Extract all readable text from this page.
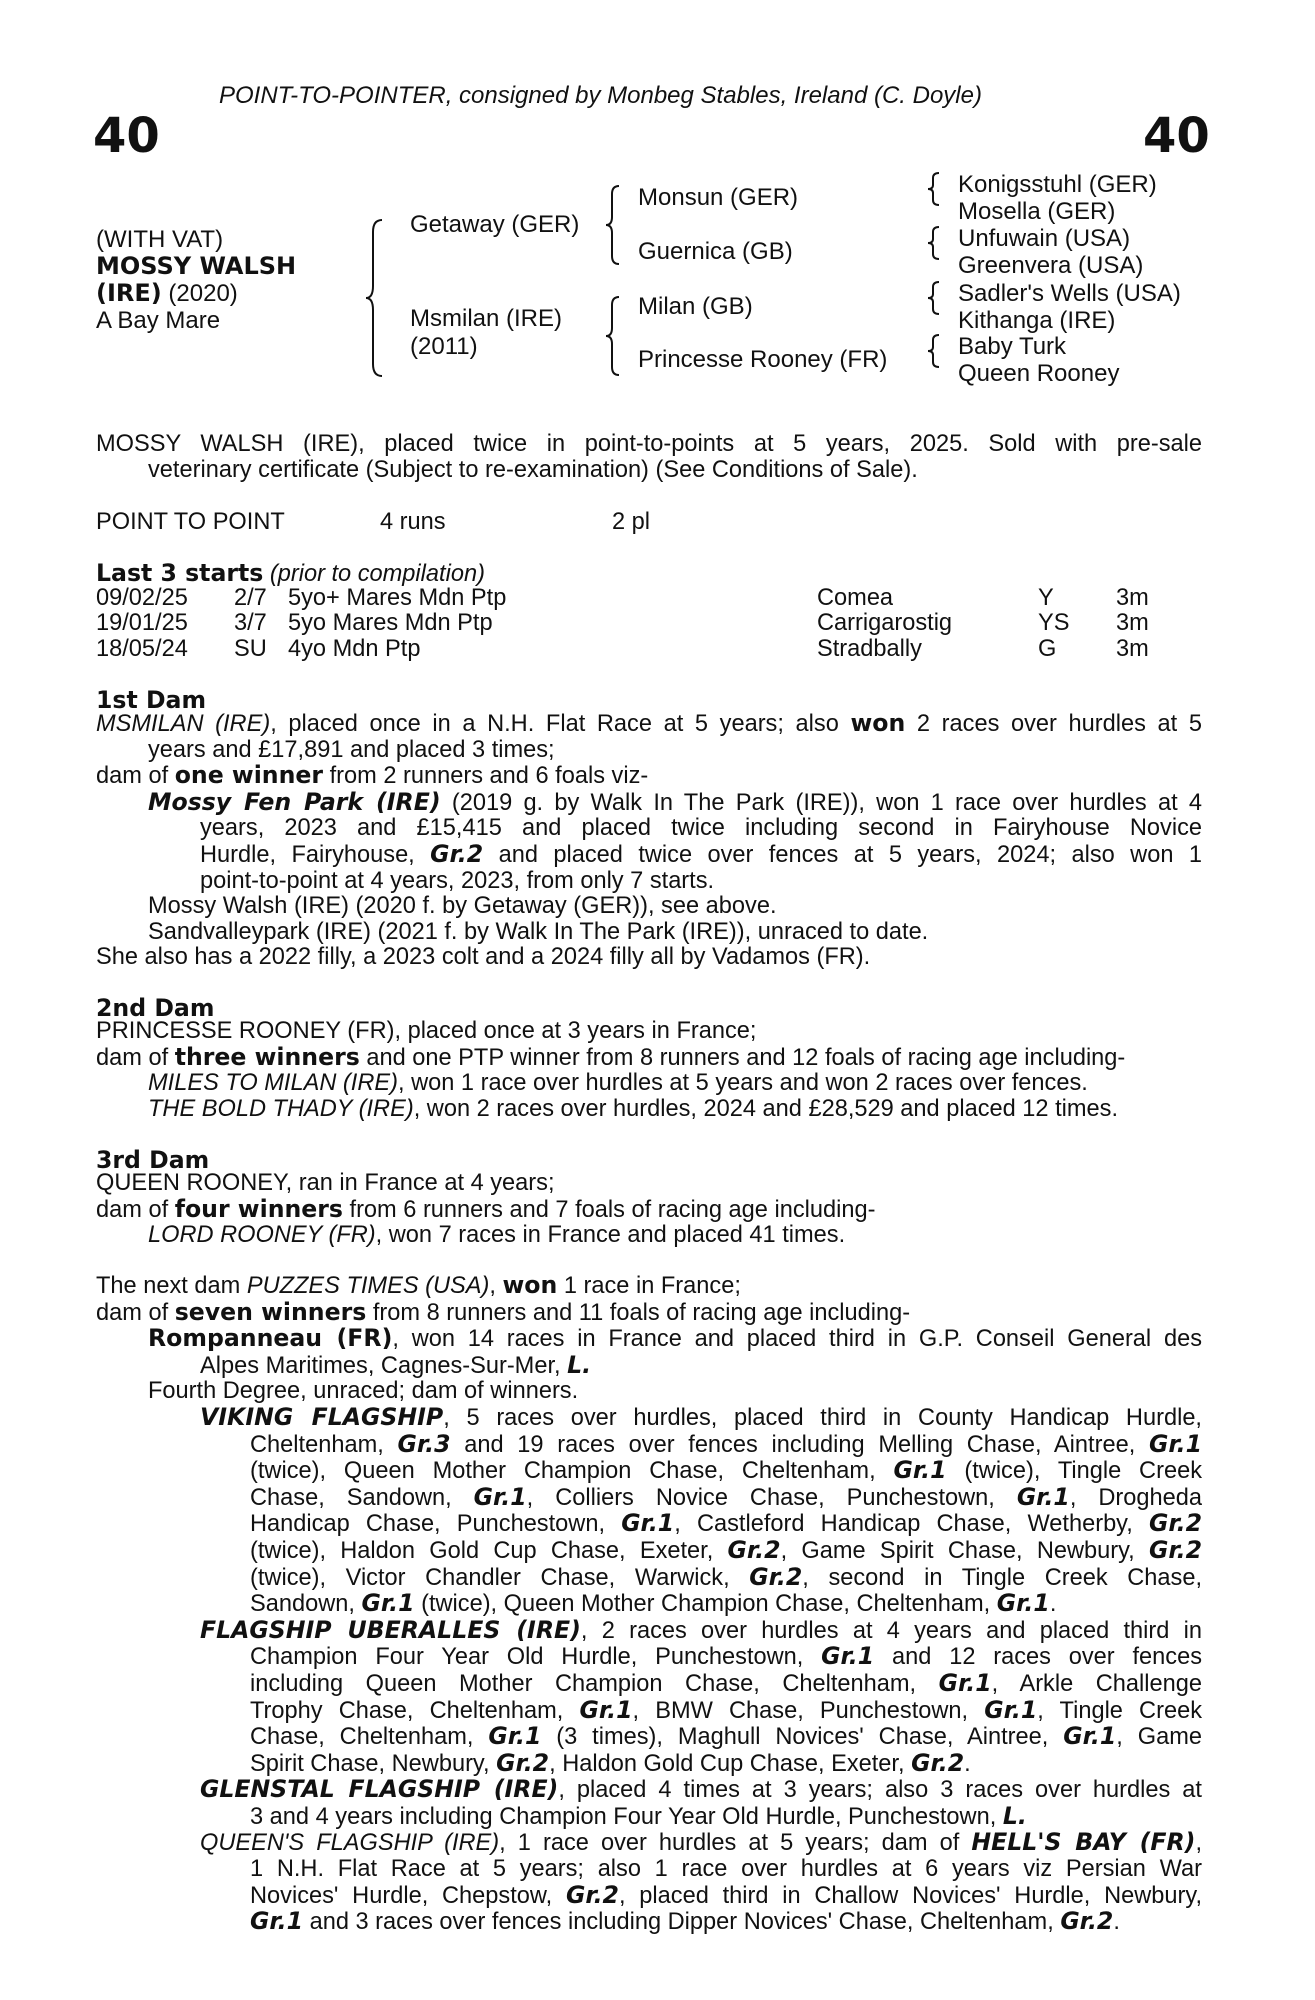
POINT-TO-POINTER, consigned by Monbeg Stables, Ireland (C. Doyle)
40	40
(WITH VAT)
MOSSY WALSH
(IRE) (2020)
A Bay Mare
Getaway (GER)
Msmilan (IRE)
(2011)
Monsun (GER)
Guernica (GB)
Milan (GB)
Princesse Rooney (FR)
Konigsstuhl (GER)
Mosella (GER)
Unfuwain (USA)
Greenvera (USA)
Sadler's Wells (USA)
Kithanga (IRE)
Baby Turk
Queen Rooney
MOSSY WALSH (IRE), placed twice in point-to-points at 5 years, 2025. Sold with pre-sale
veterinary certificate (Subject to re-examination) (See Conditions of Sale).
POINT TO POINT	4 runs	2 pl
Last 3 starts (prior to compilation)
09/02/25 2/7 5yo+ Mares Mdn Ptp	Comea	Y	3m
19/01/25 3/7 5yo Mares Mdn Ptp	Carrigarostig	YS 3m
18/05/24 SU 4yo Mdn Ptp	Stradbally	G	3m
1st Dam
MSMILAN (IRE), placed once in a N.H. Flat Race at 5 years; also won 2 races over hurdles at 5
years and £17,891 and placed 3 times;
dam of one winner from 2 runners and 6 foals viz-
Mossy Fen Park (IRE) (2019 g. by Walk In The Park (IRE)), won 1 race over hurdles at 4
years, 2023 and £15,415 and placed twice including second in Fairyhouse Novice
Hurdle, Fairyhouse, Gr.2 and placed twice over fences at 5 years, 2024; also won 1
point-to-point at 4 years, 2023, from only 7 starts.
Mossy Walsh (IRE) (2020 f. by Getaway (GER)), see above.
Sandvalleypark (IRE) (2021 f. by Walk In The Park (IRE)), unraced to date.
She also has a 2022 filly, a 2023 colt and a 2024 filly all by Vadamos (FR).
2nd Dam
PRINCESSE ROONEY (FR), placed once at 3 years in France;
dam of three winners and one PTP winner from 8 runners and 12 foals of racing age including-
MILES TO MILAN (IRE), won 1 race over hurdles at 5 years and won 2 races over fences.
THE BOLD THADY (IRE), won 2 races over hurdles, 2024 and £28,529 and placed 12 times.
3rd Dam
QUEEN ROONEY, ran in France at 4 years;
dam of four winners from 6 runners and 7 foals of racing age including-
LORD ROONEY (FR), won 7 races in France and placed 41 times.
The next dam PUZZES TIMES (USA), won 1 race in France;
dam of seven winners from 8 runners and 11 foals of racing age including-
Rompanneau (FR), won 14 races in France and placed third in G.P. Conseil General des
Alpes Maritimes, Cagnes-Sur-Mer, L.
Fourth Degree, unraced; dam of winners.
VIKING FLAGSHIP, 5 races over hurdles, placed third in County Handicap Hurdle,
Cheltenham, Gr.3 and 19 races over fences including Melling Chase, Aintree, Gr.1
(twice), Queen Mother Champion Chase, Cheltenham, Gr.1 (twice), Tingle Creek
Chase, Sandown, Gr.1, Colliers Novice Chase, Punchestown, Gr.1, Drogheda
Handicap Chase, Punchestown, Gr.1, Castleford Handicap Chase, Wetherby, Gr.2
(twice), Haldon Gold Cup Chase, Exeter, Gr.2, Game Spirit Chase, Newbury, Gr.2
(twice), Victor Chandler Chase, Warwick, Gr.2, second in Tingle Creek Chase,
Sandown, Gr.1 (twice), Queen Mother Champion Chase, Cheltenham, Gr.1.
FLAGSHIP UBERALLES (IRE), 2 races over hurdles at 4 years and placed third in
Champion Four Year Old Hurdle, Punchestown, Gr.1 and 12 races over fences
including Queen Mother Champion Chase, Cheltenham, Gr.1, Arkle Challenge
Trophy Chase, Cheltenham, Gr.1, BMW Chase, Punchestown, Gr.1, Tingle Creek
Chase, Cheltenham, Gr.1 (3 times), Maghull Novices' Chase, Aintree, Gr.1, Game
Spirit Chase, Newbury, Gr.2, Haldon Gold Cup Chase, Exeter, Gr.2.
GLENSTAL FLAGSHIP (IRE), placed 4 times at 3 years; also 3 races over hurdles at
3 and 4 years including Champion Four Year Old Hurdle, Punchestown, L.
QUEEN'S FLAGSHIP (IRE), 1 race over hurdles at 5 years; dam of HELL'S BAY (FR),
1 N.H. Flat Race at 5 years; also 1 race over hurdles at 6 years viz Persian War
Novices' Hurdle, Chepstow, Gr.2, placed third in Challow Novices' Hurdle, Newbury,
Gr.1 and 3 races over fences including Dipper Novices' Chase, Cheltenham, Gr.2.
